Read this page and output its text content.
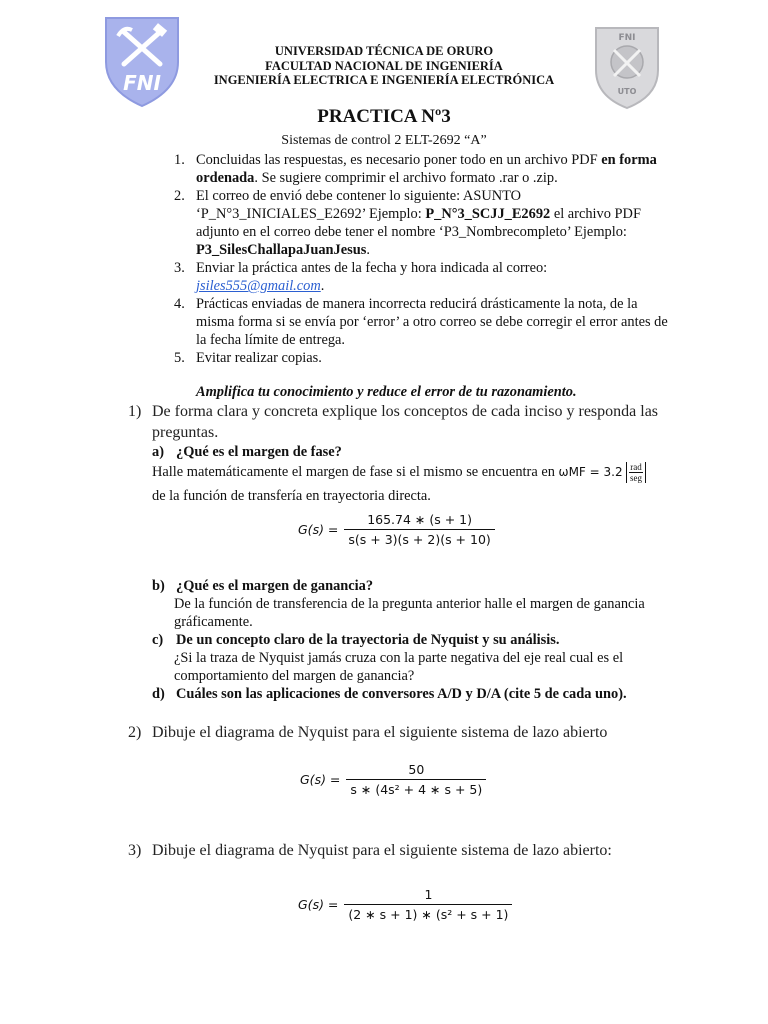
FNI
FNI
UTO
UNIVERSIDAD TÉCNICA DE ORURO
FACULTAD NACIONAL DE INGENIERÍA
INGENIERÍA ELECTRICA E INGENIERÍA ELECTRÓNICA
PRACTICA Nº3
Sistemas de control 2 ELT-2692 “A”
1. Concluidas las respuestas, es necesario poner todo en un archivo PDF en forma ordenada. Se sugiere comprimir el archivo formato .rar o .zip.
2. El correo de envió debe contener lo siguiente: ASUNTO ‘P_N°3_INICIALES_E2692’ Ejemplo: P_N°3_SCJJ_E2692 el archivo PDF adjunto en el correo debe tener el nombre ‘P3_Nombrecompleto’ Ejemplo: P3_SilesChallapaJuanJesus.
3. Enviar la práctica antes de la fecha y hora indicada al correo: jsiles555@gmail.com.
4. Prácticas enviadas de manera incorrecta reducirá drásticamente la nota, de la misma forma si se envía por ‘error’ a otro correo se debe corregir el error antes de la fecha límite de entrega.
5. Evitar realizar copias.
Amplifica tu conocimiento y reduce el error de tu razonamiento.
1) De forma clara y concreta explique los conceptos de cada inciso y responda las preguntas.
a) ¿Qué es el margen de fase?
Halle matemáticamente el margen de fase si el mismo se encuentra en ωMF = 3.2 rad
seg
de la función de transfería en trayectoria directa.
$G(s) = \frac{165.74 ∗ (s + 1)}{s(s + 3)(s + 2)(s + 10)}$
b) ¿Qué es el margen de ganancia?
De la función de transferencia de la pregunta anterior halle el margen de ganancia gráficamente.
c) De un concepto claro de la trayectoria de Nyquist y su análisis.
¿Si la traza de Nyquist jamás cruza con la parte negativa del eje real cual es el comportamiento del margen de ganancia?
d) Cuáles son las aplicaciones de conversores A/D y D/A (cite 5 de cada uno).
2) Dibuje el diagrama de Nyquist para el siguiente sistema de lazo abierto
$G(s) = \frac{50}{\text{s ∗ (4s² + 4 ∗ s + 5)}}$
3) Dibuje el diagrama de Nyquist para el siguiente sistema de lazo abierto:
$G(s) = \frac{1}{\text{(2 ∗ s + 1) ∗ (s² + s + 1)}}$
